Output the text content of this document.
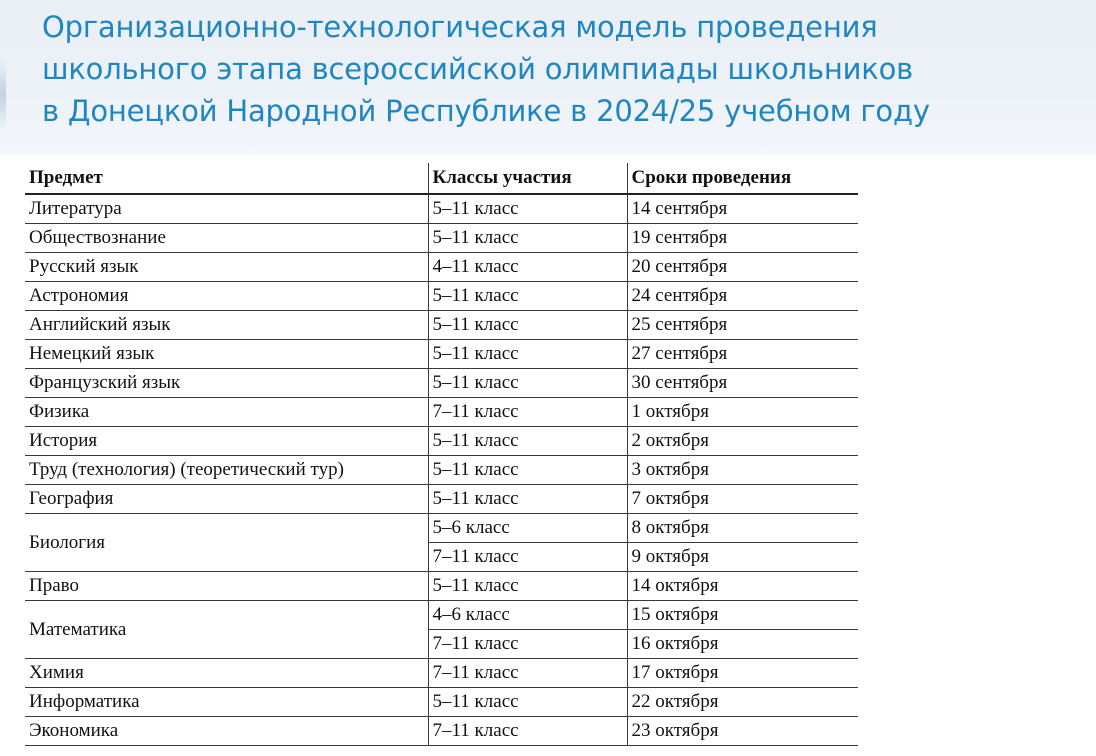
Организационно-технологическая модель проведения
школьного этапа всероссийской олимпиады школьников
в Донецкой Народной Республике в 2024/25 учебном году
Предмет	Классы участия	Сроки проведения
Литература	5–11 класс	14 сентября
Обществознание	5–11 класс	19 сентября
Русский язык	4–11 класс	20 сентября
Астрономия	5–11 класс	24 сентября
Английский язык	5–11 класс	25 сентября
Немецкий язык	5–11 класс	27 сентября
Французский язык	5–11 класс	30 сентября
Физика	7–11 класс	1 октября
История	5–11 класс	2 октября
Труд (технология) (теоретический тур)	5–11 класс	3 октября
География	5–11 класс	7 октября
Биология	5–6 класс	8 октября
	7–11 класс	9 октября
Право	5–11 класс	14 октября
Математика	4–6 класс	15 октября
	7–11 класс	16 октября
Химия	7–11 класс	17 октября
Информатика	5–11 класс	22 октября
Экономика	7–11 класс	23 октября
